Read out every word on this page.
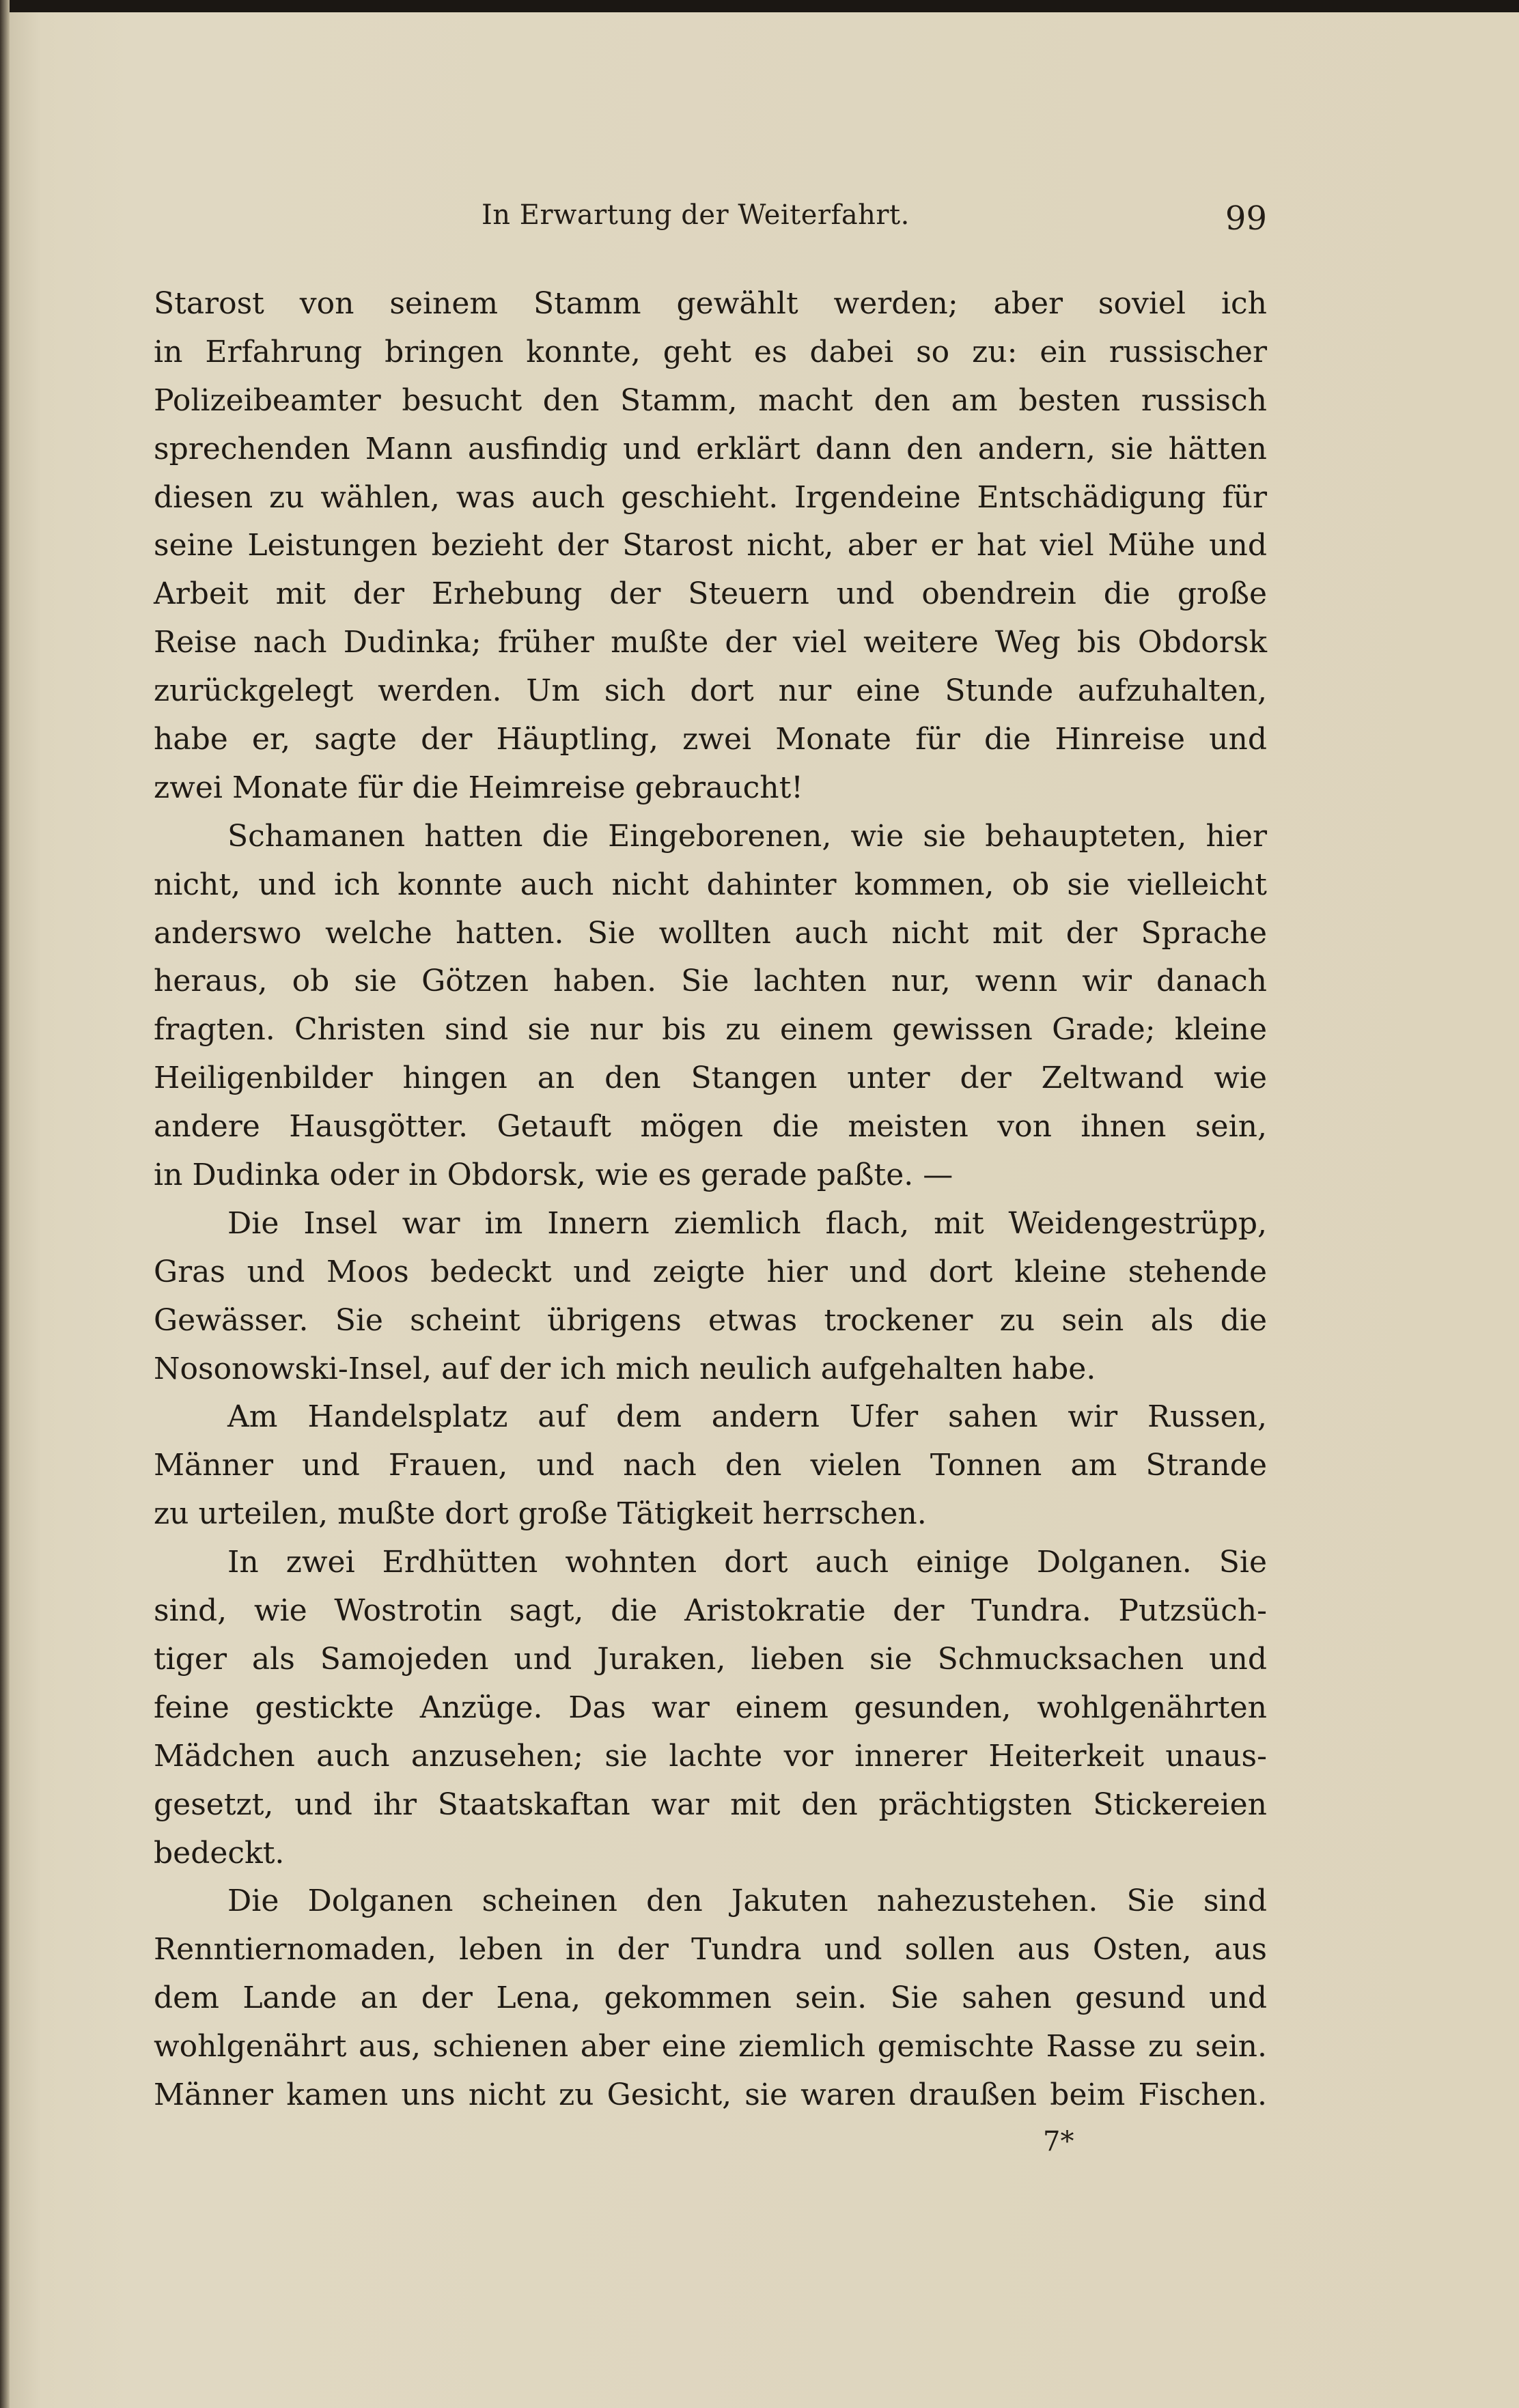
In Erwartung der Weiterfahrt.	99
Starost von seinem Stamm gewählt werden; aber soviel ich
in Erfahrung bringen konnte, geht es dabei so zu: ein russischer
Polizeibeamter besucht den Stamm, macht den am besten russisch
sprechenden Mann ausfindig und erklärt dann den andern, sie hätten
diesen zu wählen, was auch geschieht. Irgendeine Entschädigung für
seine Leistungen bezieht der Starost nicht, aber er hat viel Mühe und
Arbeit mit der Erhebung der Steuern und obendrein die große
Reise nach Dudinka; früher mußte der viel weitere Weg bis Obdorsk
zurückgelegt werden. Um sich dort nur eine Stunde aufzuhalten,
habe er, sagte der Häuptling, zwei Monate für die Hinreise und
zwei Monate für die Heimreise gebraucht!
Schamanen hatten die Eingeborenen, wie sie behaupteten, hier
nicht, und ich konnte auch nicht dahinter kommen, ob sie vielleicht
anderswo welche hatten. Sie wollten auch nicht mit der Sprache
heraus, ob sie Götzen haben. Sie lachten nur, wenn wir danach
fragten. Christen sind sie nur bis zu einem gewissen Grade; kleine
Heiligenbilder hingen an den Stangen unter der Zeltwand wie
andere Hausgötter. Getauft mögen die meisten von ihnen sein,
in Dudinka oder in Obdorsk, wie es gerade paßte. —
Die Insel war im Innern ziemlich flach, mit Weidengestrüpp,
Gras und Moos bedeckt und zeigte hier und dort kleine stehende
Gewässer. Sie scheint übrigens etwas trockener zu sein als die
Nosonowski-Insel, auf der ich mich neulich aufgehalten habe.
Am Handelsplatz auf dem andern Ufer sahen wir Russen,
Männer und Frauen, und nach den vielen Tonnen am Strande
zu urteilen, mußte dort große Tätigkeit herrschen.
In zwei Erdhütten wohnten dort auch einige Dolganen. Sie
sind, wie Wostrotin sagt, die Aristokratie der Tundra. Putzsüch-
tiger als Samojeden und Juraken, lieben sie Schmucksachen und
feine gestickte Anzüge. Das war einem gesunden, wohlgenährten
Mädchen auch anzusehen; sie lachte vor innerer Heiterkeit unaus-
gesetzt, und ihr Staatskaftan war mit den prächtigsten Stickereien
bedeckt.
Die Dolganen scheinen den Jakuten nahezustehen. Sie sind
Renntiernomaden, leben in der Tundra und sollen aus Osten, aus
dem Lande an der Lena, gekommen sein. Sie sahen gesund und
wohlgenährt aus, schienen aber eine ziemlich gemischte Rasse zu sein.
Männer kamen uns nicht zu Gesicht, sie waren draußen beim Fischen.
7*
